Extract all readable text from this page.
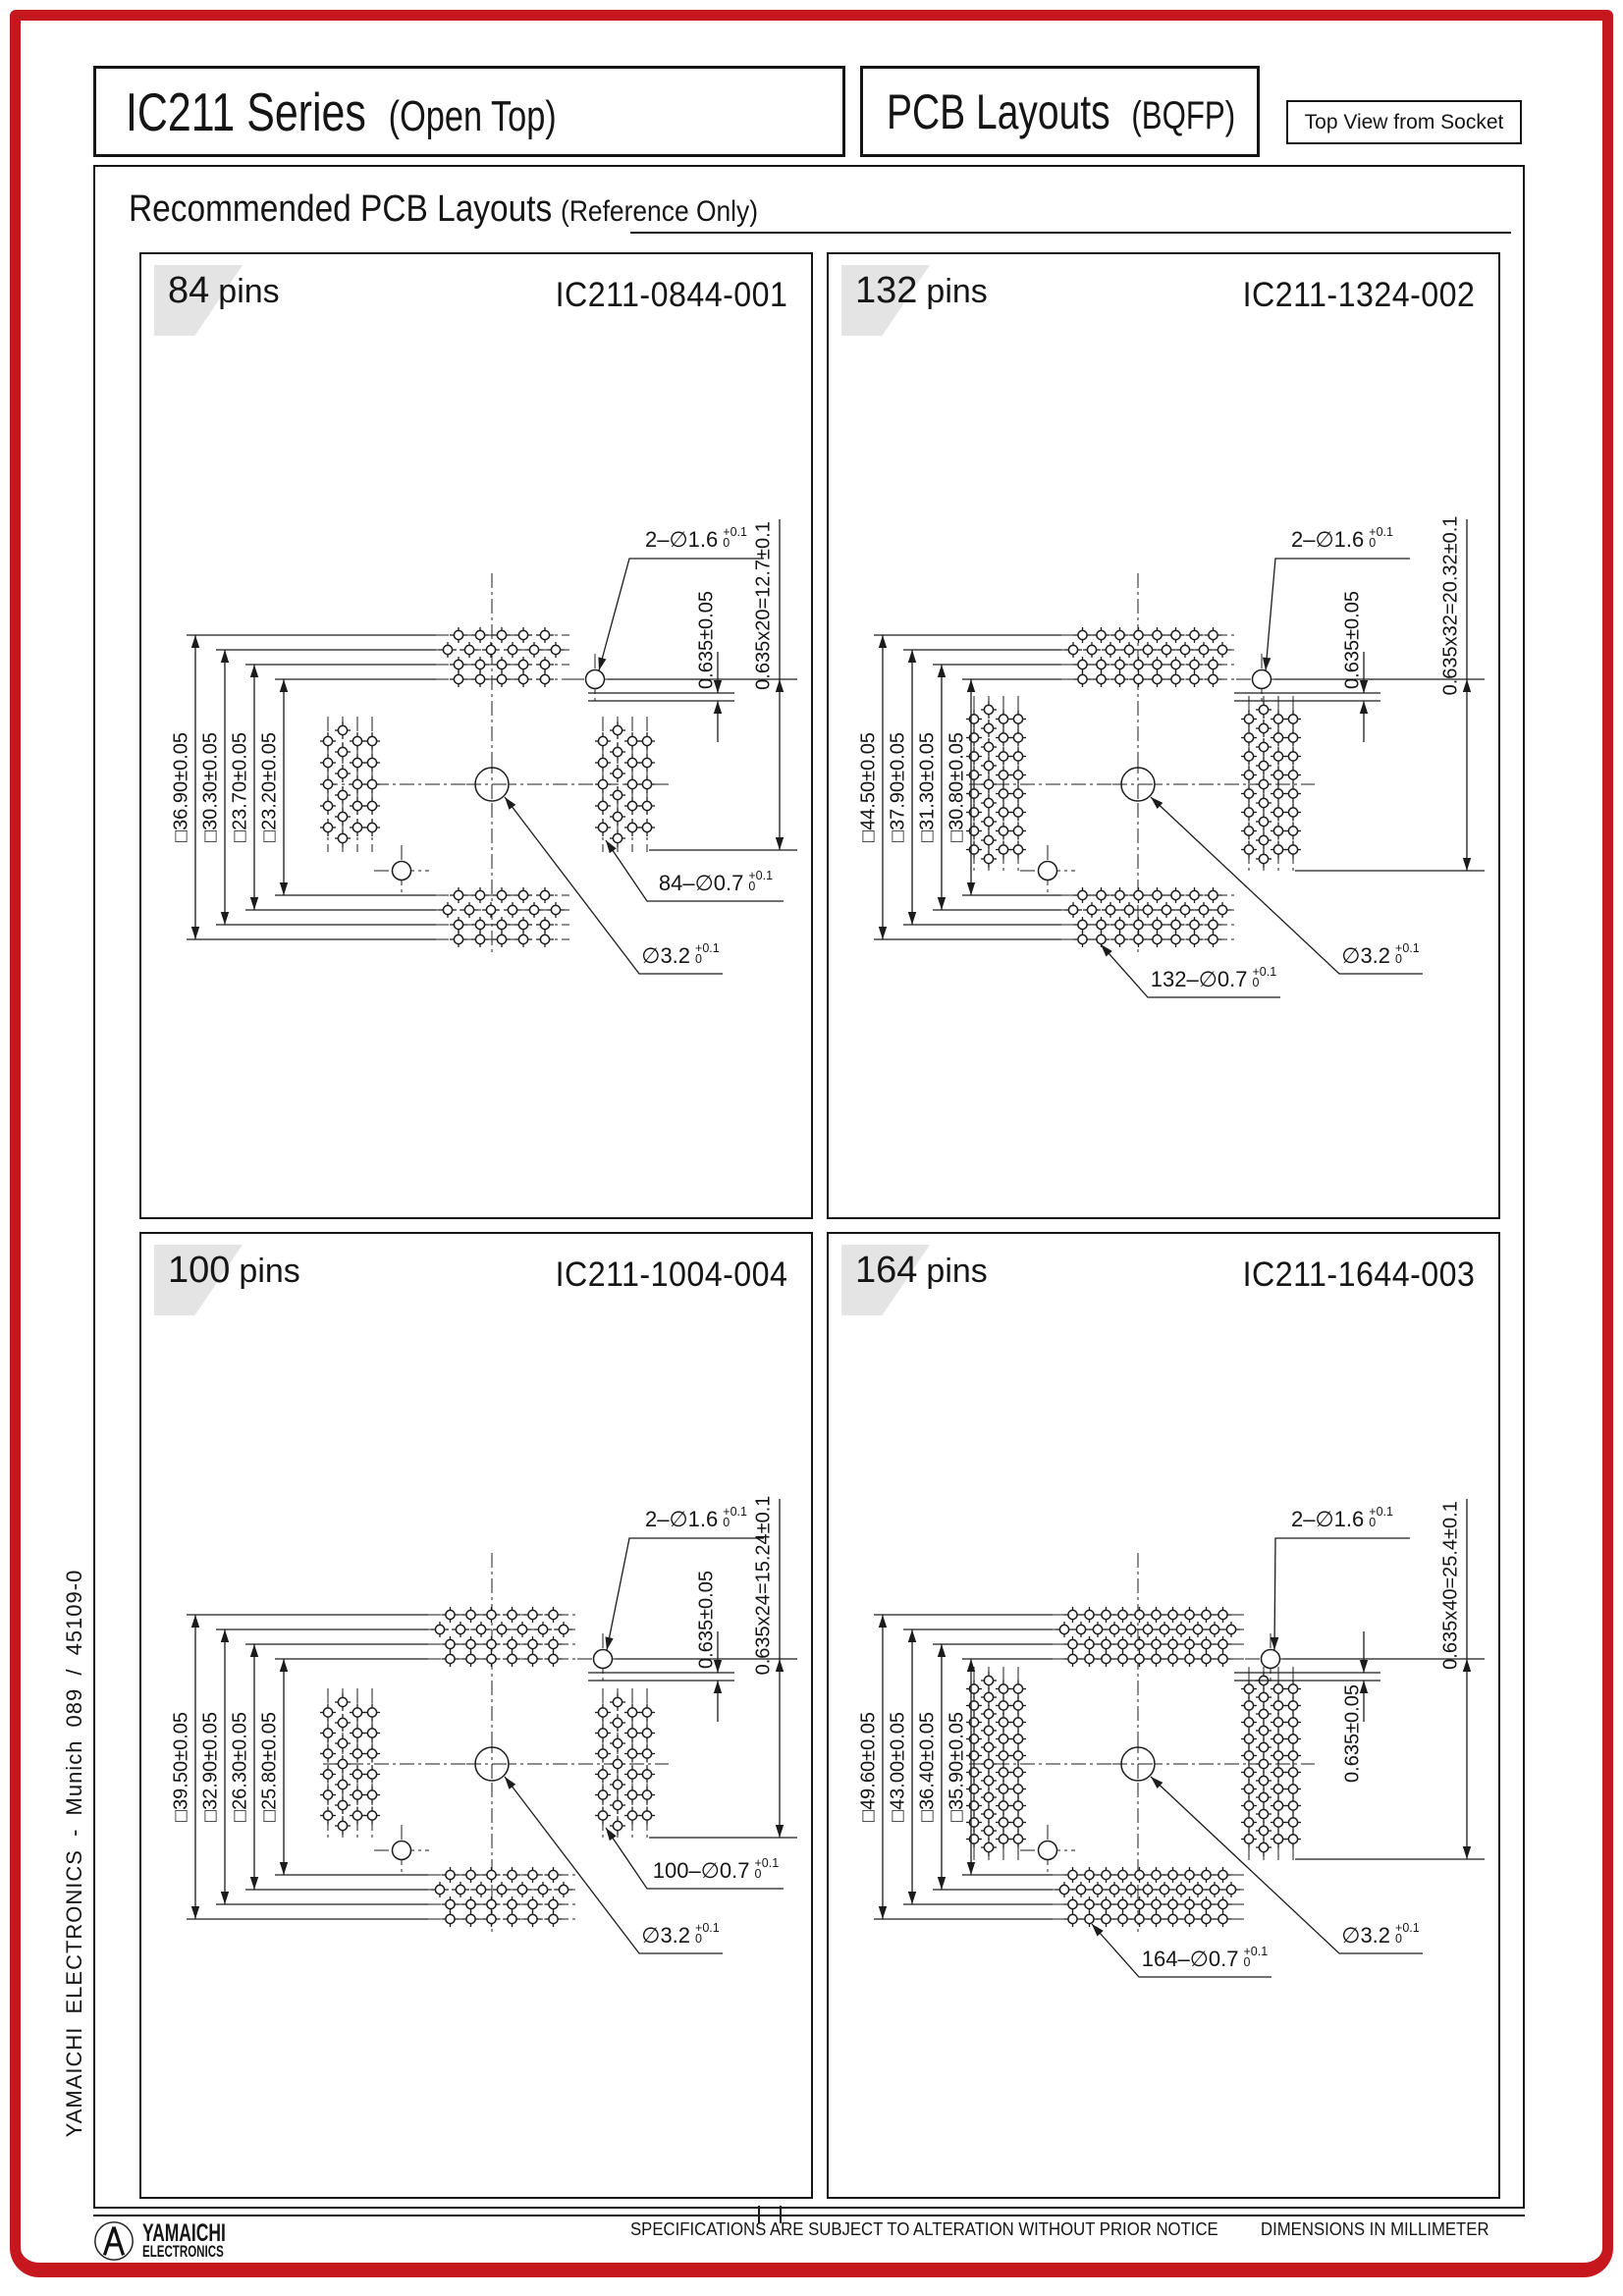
IC211 Series (Open Top)	PCB Layouts (BQFP)	Top View from Socket
Recommended PCB Layouts (Reference Only)
84 pins	IC211-0844-001
□36.90±0.05 □30.30±0.05 □23.70±0.05 □23.20±0.05
0.635±0.05 0.635x20=12.7±0.1
2–∅1.6 +0.1
0
84–∅0.7 +0.1
0
∅3.2 +0.1
0
132 pins	IC211-1324-002
□44.50±0.05 □37.90±0.05 □31.30±0.05 □30.80±0.05
0.635±0.05	0.635x32=20.32±0.1
2–∅1.6 +0.1
0
132–∅0.7 +0.1
0
∅3.2 +0.1
0
100 pins	IC211-1004-004
□39.50±0.05 □32.90±0.05 □26.30±0.05 □25.80±0.05
0.635±0.05 0.635x24=15.24±0.1
2–∅1.6 +0.1
0
100–∅0.7 +0.1
0
∅3.2 +0.1
0
164 pins	IC211-1644-003
□49.60±0.05 □43.00±0.05 □36.40±0.05 □35.90±0.05	0.635±0.05
0.635x40=25.4±0.1
2–∅1.6 +0.1
0
164–∅0.7 +0.1
0
∅3.2 +0.1
0
YAMAICHI ELECTRONICS - Munich 089 / 45109-0
YAMAICHI
ELECTRONICS
SPECIFICATIONS ARE SUBJECT TO ALTERATION WITHOUT PRIOR NOTICE DIMENSIONS IN MILLIMETER
